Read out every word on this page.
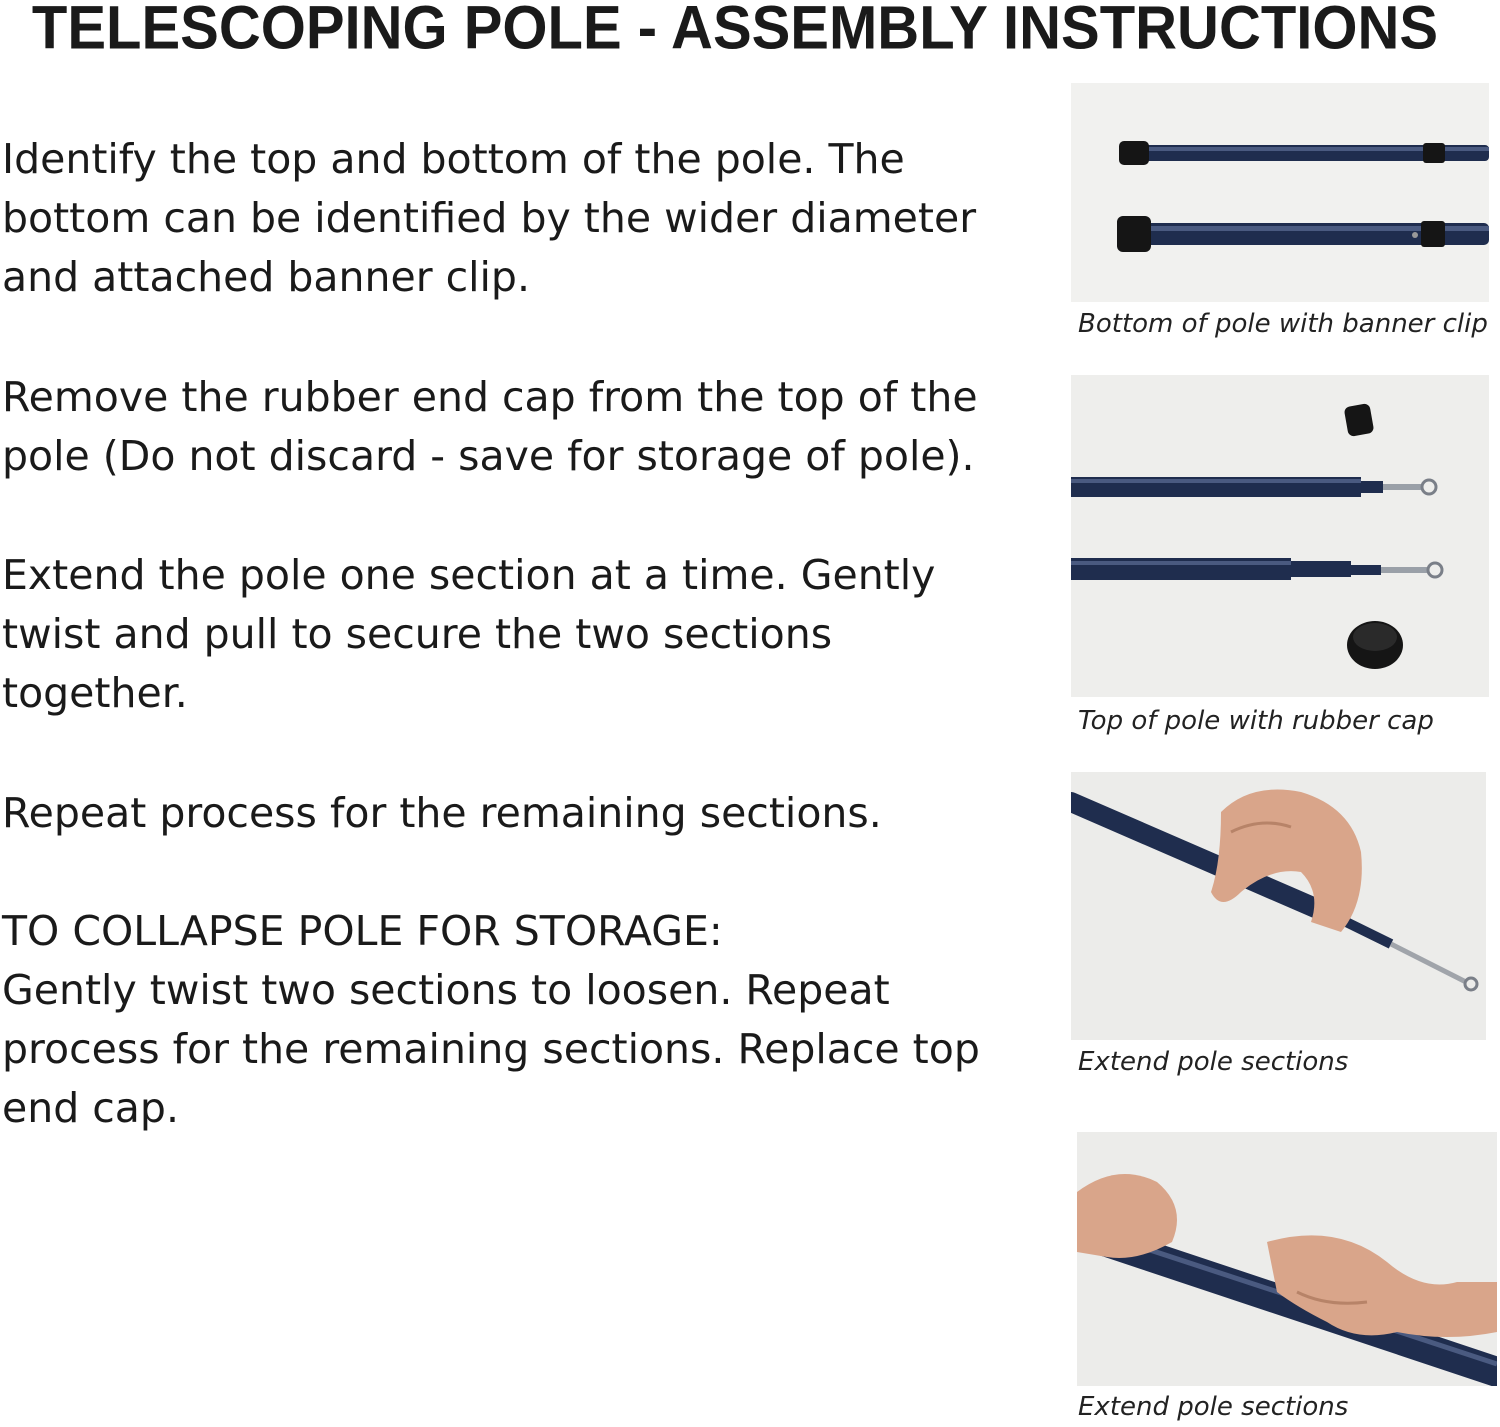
TELESCOPING POLE - ASSEMBLY INSTRUCTIONS

Identify the top and bottom of the pole. The bottom can be identified by the wider diameter and attached banner clip.

Remove the rubber end cap from the top of the pole (Do not discard - save for storage of pole).

Extend the pole one section at a time. Gently twist and pull to secure the two sections together.

Repeat process for the remaining sections.

TO COLLAPSE POLE FOR STORAGE:

Gently twist two sections to loosen. Repeat process for the remaining sections. Replace top end cap.

Bottom of pole with banner clip
Top of pole with rubber cap
Extend pole sections
Extend pole sections
